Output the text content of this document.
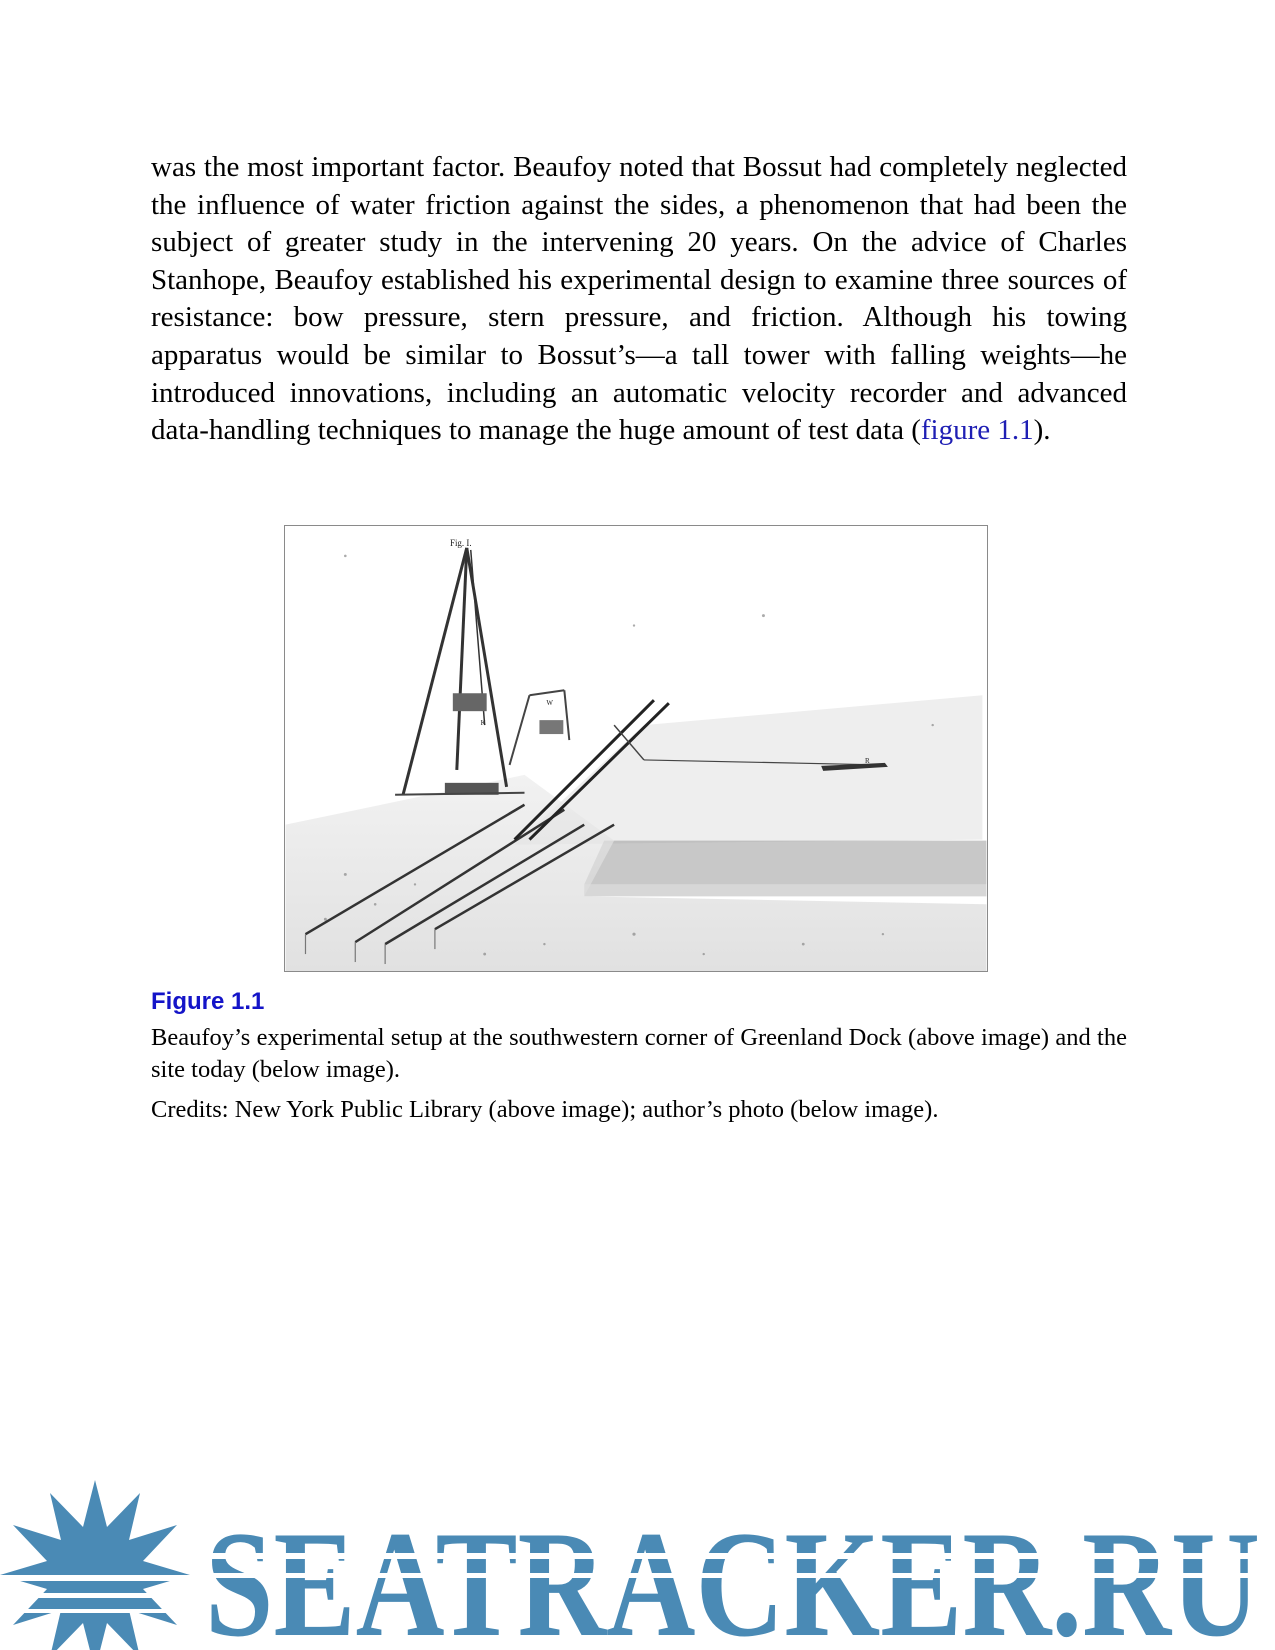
was the most important factor. Beaufoy noted that Bossut had completely neglected the influence of water friction against the sides, a phenomenon that had been the subject of greater study in the intervening 20 years. On the advice of Charles Stanhope, Beaufoy established his experimental design to examine three sources of resistance: bow pressure, stern pressure, and friction. Although his towing apparatus would be similar to Bossut’s—a tall tower with falling weights—he introduced innovations, including an automatic velocity recorder and advanced data-handling techniques to manage the huge amount of test data (figure 1.1).

Fig. I.
W
K
R
Figure 1.1

Beaufoy’s experimental setup at the southwestern corner of Greenland Dock (above image) and the site today (below image).

Credits: New York Public Library (above image); author’s photo (below image).
